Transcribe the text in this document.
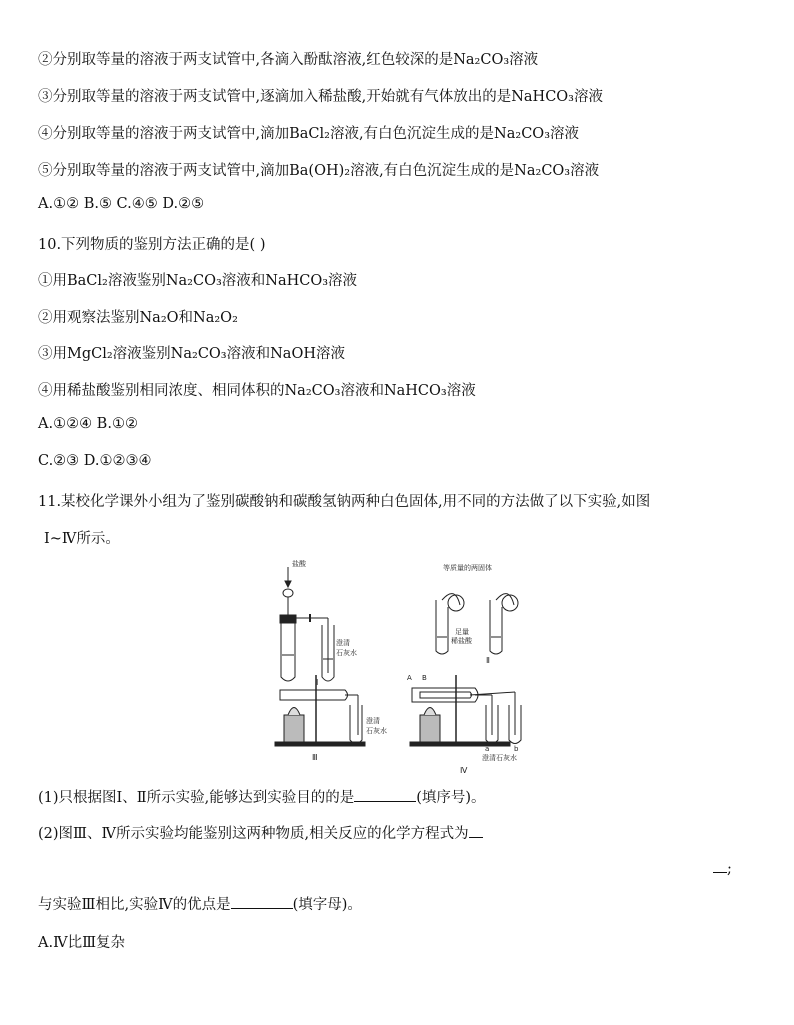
②分别取等量的溶液于两支试管中,各滴入酚酞溶液,红色较深的是Na₂CO₃溶液
③分别取等量的溶液于两支试管中,逐滴加入稀盐酸,开始就有气体放出的是NaHCO₃溶液
④分别取等量的溶液于两支试管中,滴加BaCl₂溶液,有白色沉淀生成的是Na₂CO₃溶液
⑤分别取等量的溶液于两支试管中,滴加Ba(OH)₂溶液,有白色沉淀生成的是Na₂CO₃溶液
A.①② B.⑤ C.④⑤ D.②⑤
10.下列物质的鉴别方法正确的是( )
①用BaCl₂溶液鉴别Na₂CO₃溶液和NaHCO₃溶液
②用观察法鉴别Na₂O和Na₂O₂
③用MgCl₂溶液鉴别Na₂CO₃溶液和NaOH溶液
④用稀盐酸鉴别相同浓度、相同体积的Na₂CO₃溶液和NaHCO₃溶液
A.①②④ B.①②
C.②③ D.①②③④
11.某校化学课外小组为了鉴别碳酸钠和碳酸氢钠两种白色固体,用不同的方法做了以下实验,如图
Ⅰ~Ⅳ所示。
盐酸
澄清
石灰水
Ⅰ
等质量的两固体
足量
稀盐酸
Ⅱ
澄清
石灰水
Ⅲ
A B
a	b
澄清石灰水
Ⅳ
(1)只根据图Ⅰ、Ⅱ所示实验,能够达到实验目的的是	(填序号)。
(2)图Ⅲ、Ⅳ所示实验均能鉴别这两种物质,相关反应的化学方程式为
;
与实验Ⅲ相比,实验Ⅳ的优点是	(填字母)。
A.Ⅳ比Ⅲ复杂
